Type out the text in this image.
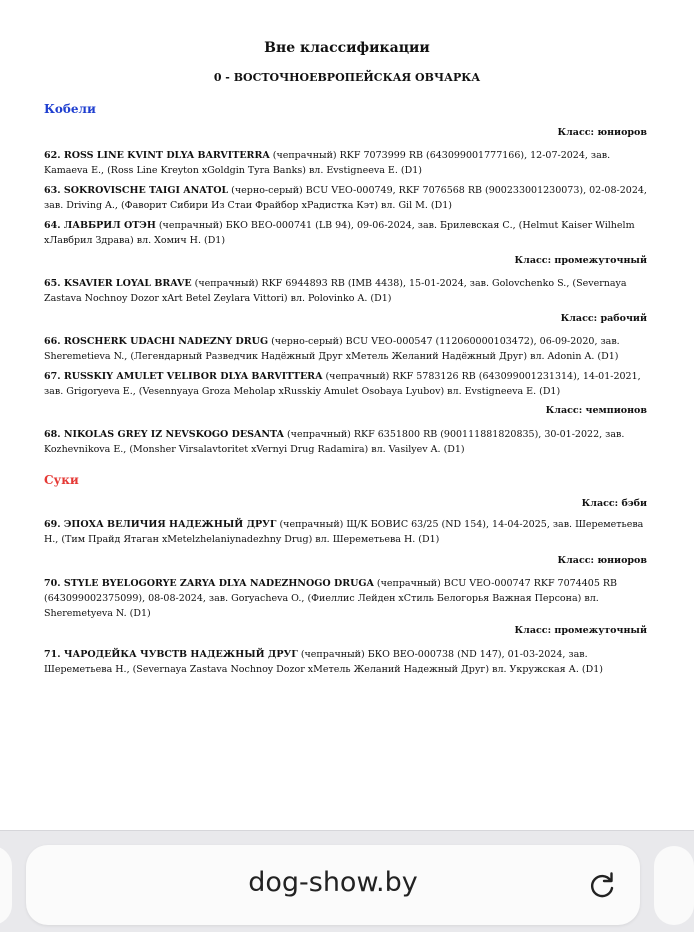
Вне классификации
0 - ВОСТОЧНОЕВРОПЕЙСКАЯ ОВЧАРКА
Кобели
Класс: юниоров
62. ROSS LINE KVINT DLYA BARVITERRA (чепрачный) RKF 7073999 RB (643099001777166), 12-07-2024, зав. Kamaeva E., (Ross Line Kreyton xGoldgin Tyra Banks) вл. Evstigneeva E. (D1)
63. SOKROVISCHE TAIGI ANATOL (черно-серый) BCU VEO-000749, RKF 7076568 RB (900233001230073), 02-08-2024, зав. Driving A., (Фаворит Сибири Из Стаи Фрайбор xРадистка Кэт) вл. Gil M. (D1)
64. ЛАВБРИЛ ОТЭН (чепрачный) БКО ВЕО-000741 (LB 94), 09-06-2024, зав. Брилевская С., (Helmut Kaiser Wilhelm xЛавбрил Здрава) вл. Хомич Н. (D1)
Класс: промежуточный
65. KSAVIER LOYAL BRAVE (чепрачный) RKF 6944893 RB (IMB 4438), 15-01-2024, зав. Golovchenko S., (Severnaya Zastava Nochnoy Dozor xArt Betel Zeylara Vittori) вл. Polovinko A. (D1)
Класс: рабочий
66. ROSCHERK UDACHI NADEZNY DRUG (черно-серый) BCU VEO-000547 (112060000103472), 06-09-2020, зав. Sheremetieva N., (Легендарный Разведчик Надёжный Друг xМетель Желаний Надёжный Друг) вл. Adonin A. (D1)
67. RUSSKIY AMULET VELIBOR DLYA BARVITTERA (чепрачный) RKF 5783126 RB (643099001231314), 14-01-2021, зав. Grigoryeva E., (Vesennyaya Groza Meholap xRusskiy Amulet Osobaya Lyubov) вл. Evstigneeva E. (D1)
Класс: чемпионов
68. NIKOLAS GREY IZ NEVSKOGO DESANTA (чепрачный) RKF 6351800 RB (900111881820835), 30-01-2022, зав. Kozhevnikova E., (Monsher Virsalavtoritet xVernyi Drug Radamira) вл. Vasilyev A. (D1)
Суки
Класс: бэби
69. ЭПОХА ВЕЛИЧИЯ НАДЕЖНЫЙ ДРУГ (чепрачный) Щ/К БОВИС 63/25 (ND 154), 14-04-2025, зав. Шереметьева Н., (Тим Прайд Ятаган xMetelzhelaniynadezhny Drug) вл. Шереметьева Н. (D1)
Класс: юниоров
70. STYLE BYELOGORYE ZARYA DLYA NADEZHNOGO DRUGA (чепрачный) BCU VEO-000747 RKF 7074405 RB (643099002375099), 08-08-2024, зав. Goryacheva O., (Фиеллис Лейден xСтиль Белогорья Важная Персона) вл. Sheremetyeva N. (D1)
Класс: промежуточный
71. ЧАРОДЕЙКА ЧУВСТВ НАДЕЖНЫЙ ДРУГ (чепрачный) БКО ВЕО-000738 (ND 147), 01-03-2024, зав. Шереметьева Н., (Severnaya Zastava Nochnoy Dozor xМетель Желаний Надежный Друг) вл. Укружская А. (D1)
dog-show.by
